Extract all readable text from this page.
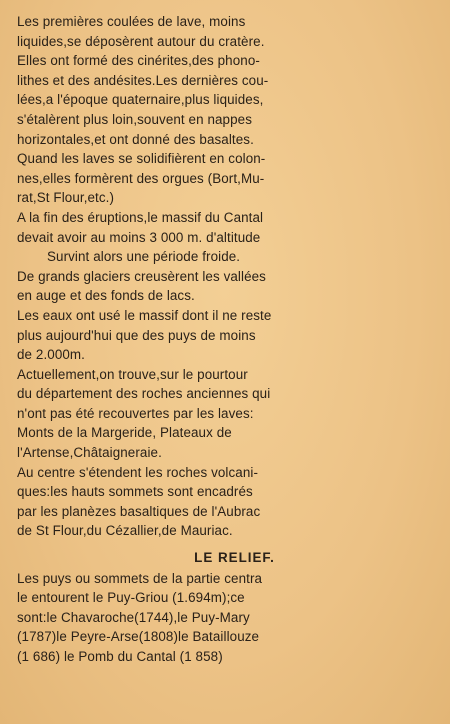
Les premières coulées de lave, moins
liquides,se déposèrent autour du cratère.
Elles ont formé des cinérites,des phono-
lithes et des andésites.Les dernières cou-
lées,a l'époque quaternaire,plus liquides,
s'étalèrent plus loin,souvent en nappes
horizontales,et ont donné des basaltes.
Quand les laves se solidifièrent en colon-
nes,elles formèrent des orgues (Bort,Mu-
rat,St Flour,etc.)
A la fin des éruptions,le massif du Cantal
devait avoir au moins 3 000 m. d'altitude
Survint alors une période froide.
De grands glaciers creusèrent les vallées
en auge et des fonds de lacs.
Les eaux ont usé le massif dont il ne reste
plus aujourd'hui que des puys de moins
de 2.000m.
Actuellement,on trouve,sur le pourtour
du département des roches anciennes qui
n'ont pas été recouvertes par les laves:
Monts de la Margeride, Plateaux de
l'Artense,Châtaigneraie.
Au centre s'étendent les roches volcani-
ques:les hauts sommets sont encadrés
par les planèzes basaltiques de l'Aubrac
de St Flour,du Cézallier,de Mauriac.
LE RELIEF.
Les puys ou sommets de la partie centra
le entourent le Puy-Griou (1.694m);ce
sont:le Chavaroche(1744),le Puy-Mary
(1787)le Peyre-Arse(1808)le Bataillouze
(1 686) le Pomb du Cantal (1 858)
